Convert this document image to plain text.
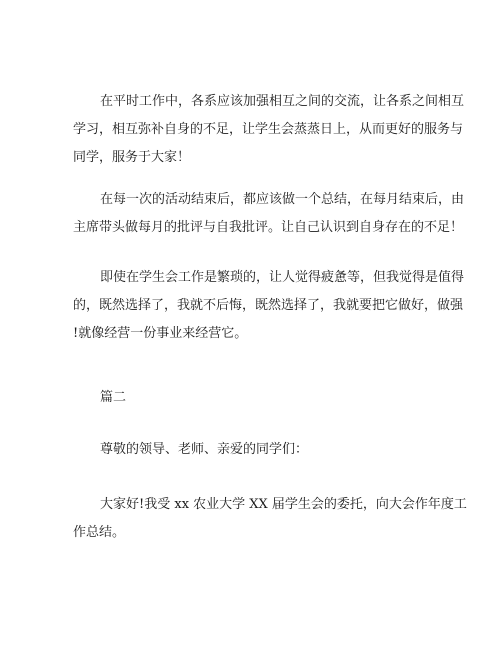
在平时工作中，各系应该加强相互之间的交流，让各系之间相互
学习，相互弥补自身的不足，让学生会蒸蒸日上，从而更好的服务与
同学，服务于大家！
在每一次的活动结束后，都应该做一个总结，在每月结束后，由
主席带头做每月的批评与自我批评。让自己认识到自身存在的不足！
即使在学生会工作是繁琐的，让人觉得疲惫等，但我觉得是值得
的，既然选择了，我就不后悔，既然选择了，我就要把它做好，做强
!就像经营一份事业来经营它。
篇二
尊敬的领导、老师、亲爱的同学们：
大家好!我受 xx 农业大学 XX 届学生会的委托，向大会作年度工
作总结。
